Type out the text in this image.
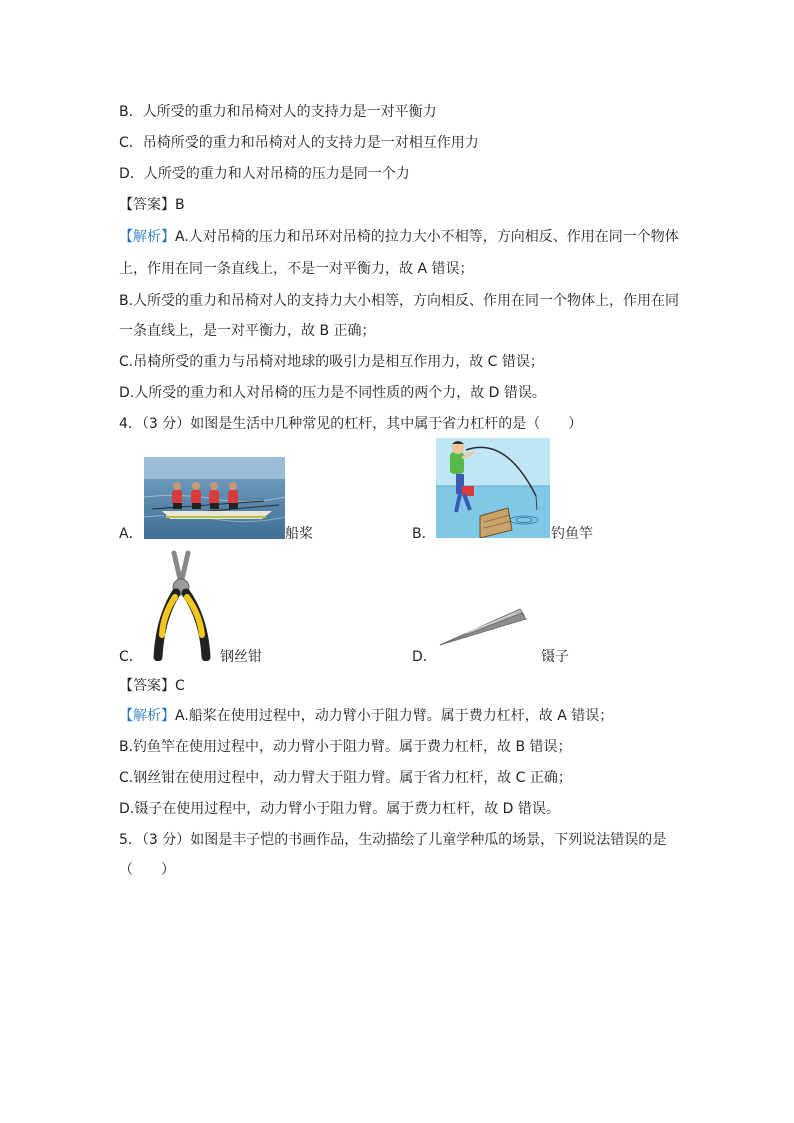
B．人所受的重力和吊椅对人的支持力是一对平衡力
C．吊椅所受的重力和吊椅对人的支持力是一对相互作用力
D．人所受的重力和人对吊椅的压力是同一个力
【答案】B
【解析】A.人对吊椅的压力和吊环对吊椅的拉力大小不相等，方向相反、作用在同一个物体
上，作用在同一条直线上，不是一对平衡力，故 A 错误；
B.人所受的重力和吊椅对人的支持力大小相等，方向相反、作用在同一个物体上，作用在同
一条直线上，是一对平衡力，故 B 正确；
C.吊椅所受的重力与吊椅对地球的吸引力是相互作用力，故 C 错误；
D.人所受的重力和人对吊椅的压力是不同性质的两个力，故 D 错误。
4．（3 分）如图是生活中几种常见的杠杆，其中属于省力杠杆的是（　　）
A．	船桨	B．	钓鱼竿
C．	钢丝钳	D．	镊子
【答案】C
【解析】A.船桨在使用过程中，动力臂小于阻力臂。属于费力杠杆，故 A 错误；
B.钓鱼竿在使用过程中，动力臂小于阻力臂。属于费力杠杆，故 B 错误；
C.钢丝钳在使用过程中，动力臂大于阻力臂。属于省力杠杆，故 C 正确；
D.镊子在使用过程中，动力臂小于阻力臂。属于费力杠杆，故 D 错误。
5．（3 分）如图是丰子恺的书画作品，生动描绘了儿童学种瓜的场景，下列说法错误的是
（　　）
